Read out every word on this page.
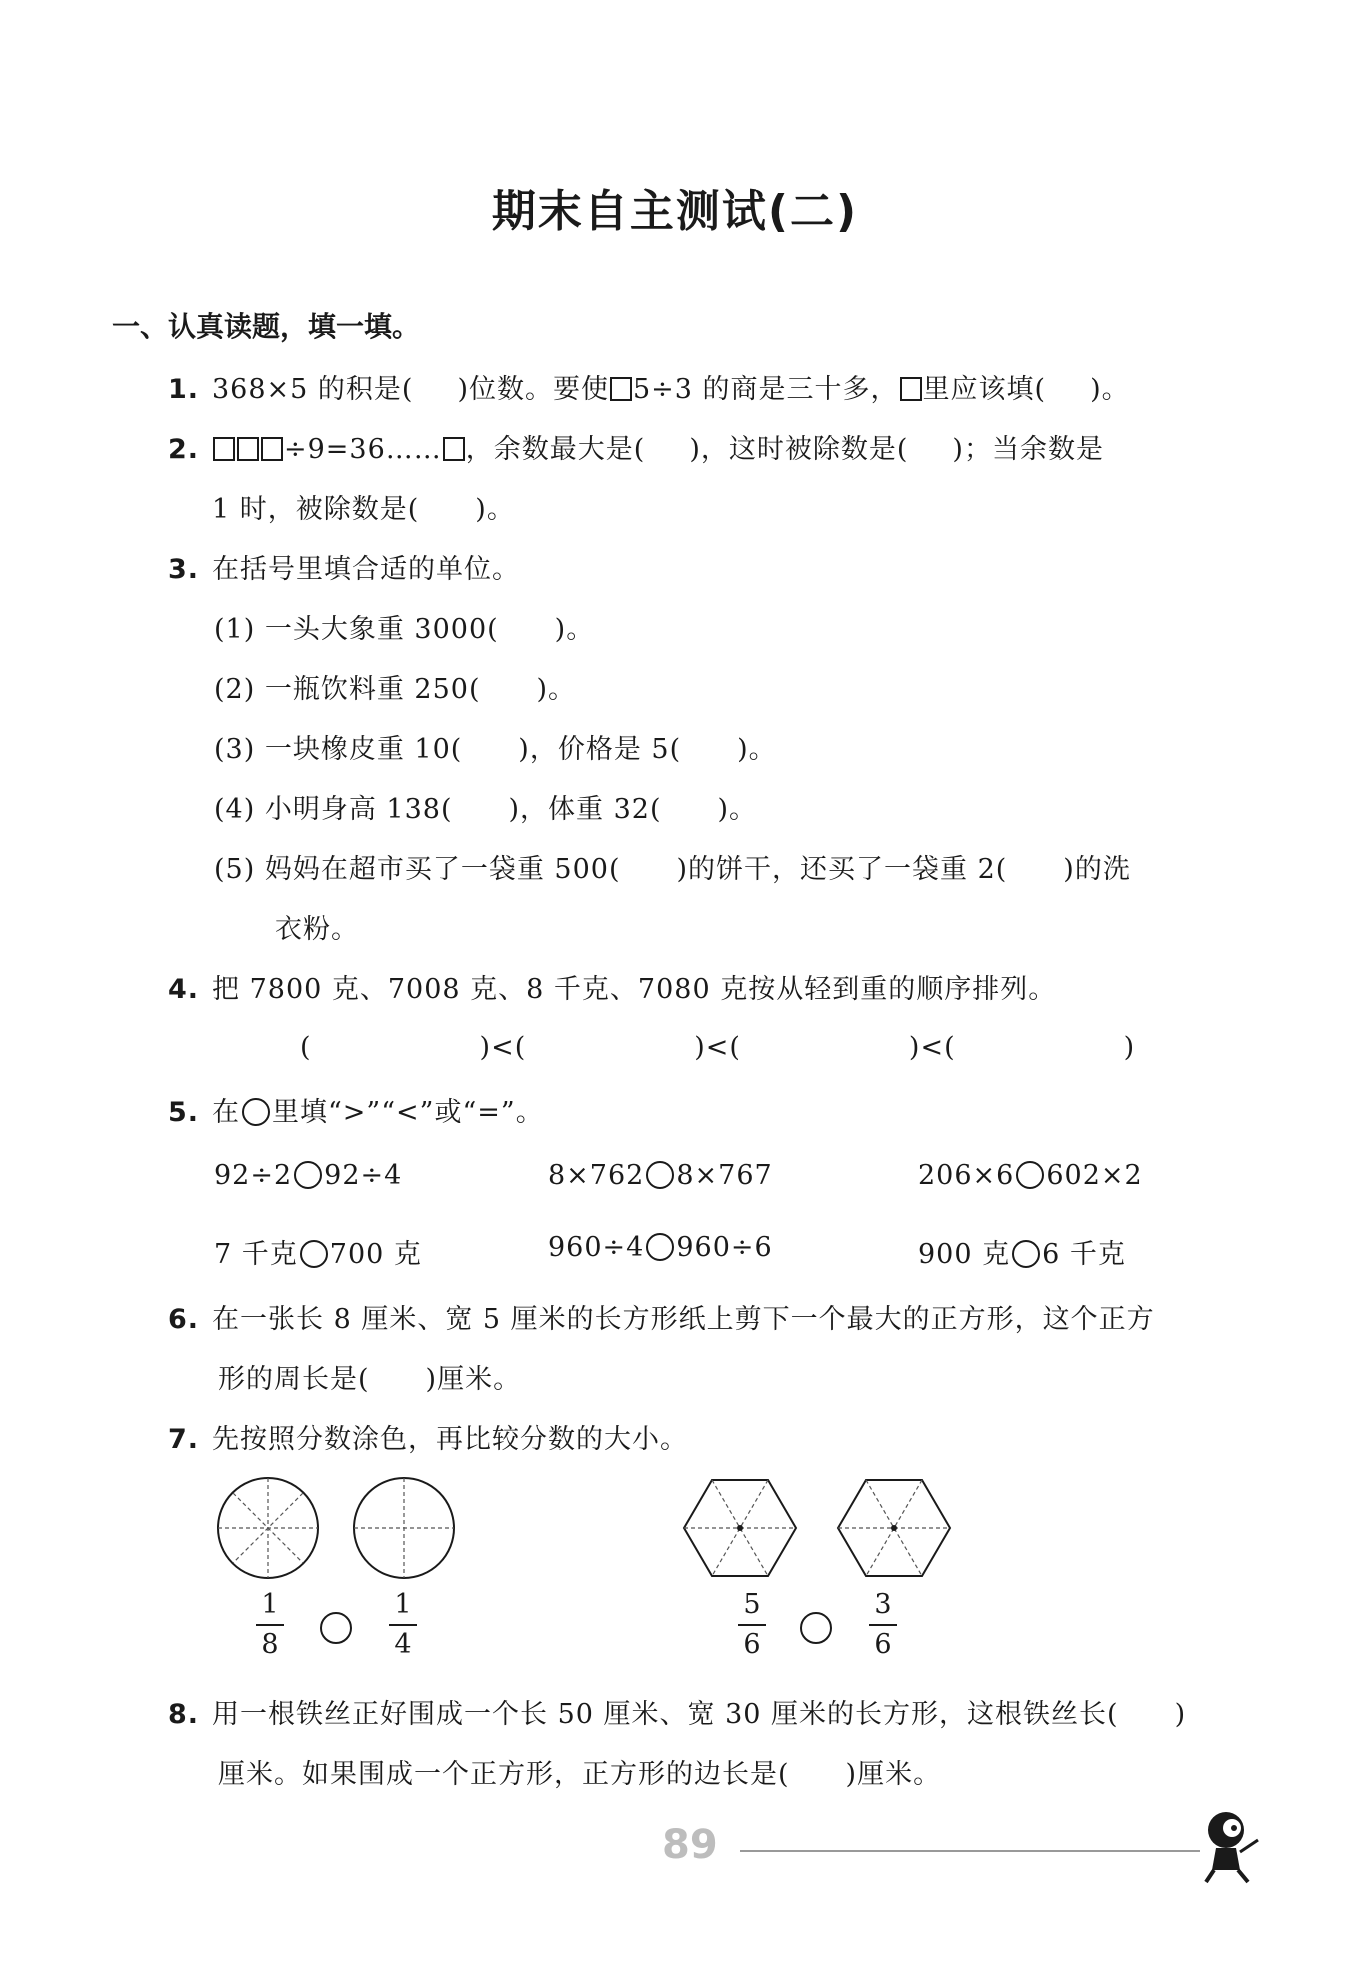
期末自主测试(二)
一、认真读题，填一填。
1. 368×5 的积是( )位数。要使 5÷3 的商是三十多， 里应该填( )。
2.	÷9=36…… ，余数最大是( )，这时被除数是( )；当余数是
1 时，被除数是(　　)。
3. 在括号里填合适的单位。
(1) 一头大象重 3000(　　)。
(2) 一瓶饮料重 250(　　)。
(3) 一块橡皮重 10(　　)，价格是 5(　　)。
(4) 小明身高 138(　　)，体重 32(　　)。
(5) 妈妈在超市买了一袋重 500(　　)的饼干，还买了一袋重 2(　　)的洗
衣粉。
4. 把 7800 克、7008 克、8 千克、7080 克按从轻到重的顺序排列。
(　　　　　　)<(　　　　　　)<(　　　　　　)<(　　　　　　)
5. 在 里填“>”“<”或“=”。
92÷2 92÷4	8×762 8×767	206×6 602×2
7 千克 700 克	960÷4 960÷6	900 克 6 千克
6. 在一张长 8 厘米、宽 5 厘米的长方形纸上剪下一个最大的正方形，这个正方
形的周长是(　　)厘米。
7. 先按照分数涂色，再比较分数的大小。
1
8
1
4
5
6
3
6
8. 用一根铁丝正好围成一个长 50 厘米、宽 30 厘米的长方形，这根铁丝长(　　)
厘米。如果围成一个正方形，正方形的边长是(　　)厘米。
89
